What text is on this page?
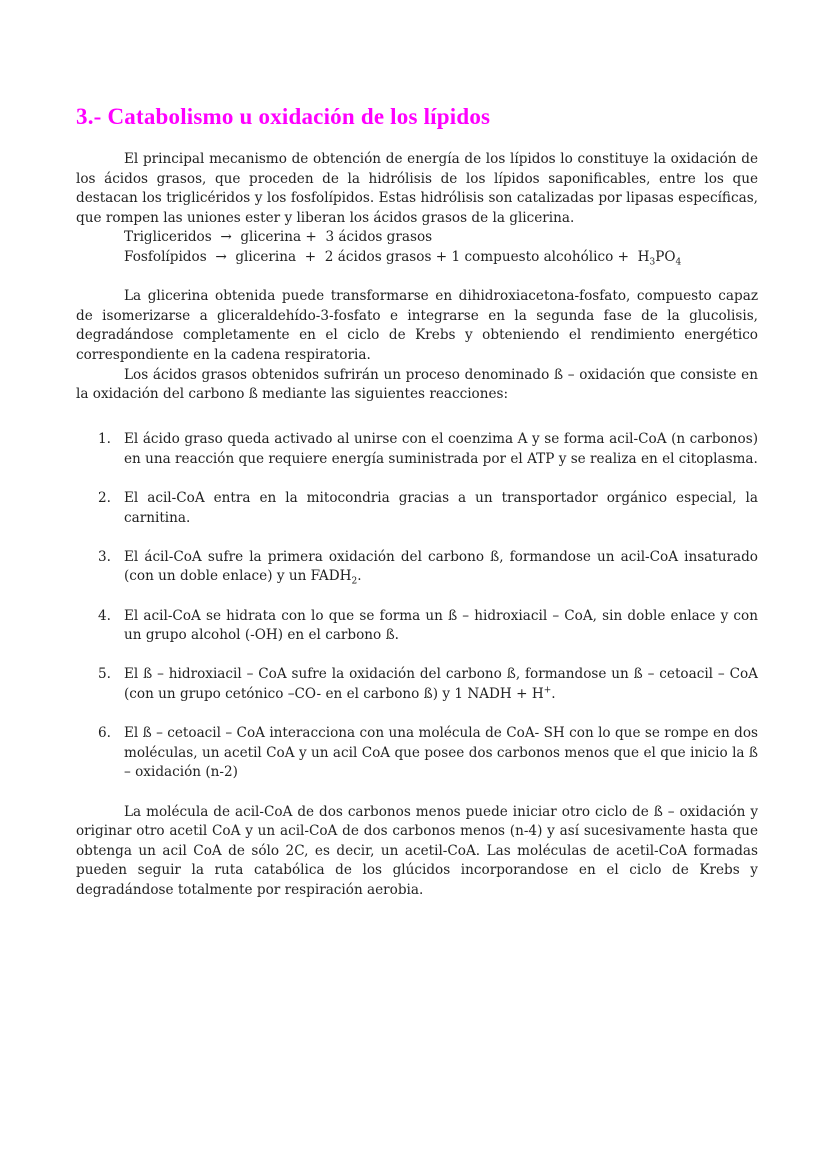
3.- Catabolismo u oxidación de los lípidos

El principal mecanismo de obtención de energía de los lípidos lo constituye la oxidación de los ácidos grasos, que proceden de la hidrólisis de los lípidos saponificables, entre los que destacan los triglicéridos y los fosfolípidos. Estas hidrólisis son catalizadas por lipasas específicas, que rompen las uniones ester y liberan los ácidos grasos de la glicerina.

Trigliceridos  →  glicerina +  3 ácidos grasos
Fosfolípidos  →  glicerina  +  2 ácidos grasos + 1 compuesto alcohólico +  $H_3PO_4$

La glicerina obtenida puede transformarse en dihidroxiacetona-fosfato, compuesto capaz de isomerizarse a gliceraldehído-3-fosfato e integrarse en la segunda fase de la glucolisis, degradándose completamente en el ciclo de Krebs y obteniendo el rendimiento energético correspondiente en la cadena respiratoria.

Los ácidos grasos obtenidos sufrirán un proceso denominado ß – oxidación que consiste en la oxidación del carbono ß mediante las siguientes reacciones:

1. El ácido graso queda activado al unirse con el coenzima A y se forma acil-CoA (n carbonos) en una reacción que requiere energía suministrada por el ATP y se realiza en el citoplasma.
2. El acil-CoA entra en la mitocondria gracias a un transportador orgánico especial, la carnitina.
3. El ácil-CoA sufre la primera oxidación del carbono ß, formandose un acil-CoA insaturado (con un doble enlace) y un $FADH_2$.
4. El acil-CoA se hidrata con lo que se forma un ß – hidroxiacil – CoA, sin doble enlace y con un grupo alcohol (-OH) en el carbono ß.
5. El ß – hidroxiacil – CoA sufre la oxidación del carbono ß, formandose un ß – cetoacil – CoA (con un grupo cetónico –CO- en el carbono ß) y 1 NADH + H+.
6. El ß – cetoacil – CoA interacciona con una molécula de CoA- SH con lo que se rompe en dos moléculas, un acetil CoA y un acil CoA que posee dos carbonos menos que el que inicio la ß – oxidación (n-2)

La molécula de acil-CoA de dos carbonos menos puede iniciar otro ciclo de ß – oxidación y originar otro acetil CoA y un acil-CoA de dos carbonos menos (n-4) y así sucesivamente hasta que obtenga un acil CoA de sólo 2C, es decir, un acetil-CoA. Las moléculas de acetil-CoA formadas pueden seguir la ruta catabólica de los glúcidos incorporandose en el ciclo de Krebs y degradándose totalmente por respiración aerobia.
